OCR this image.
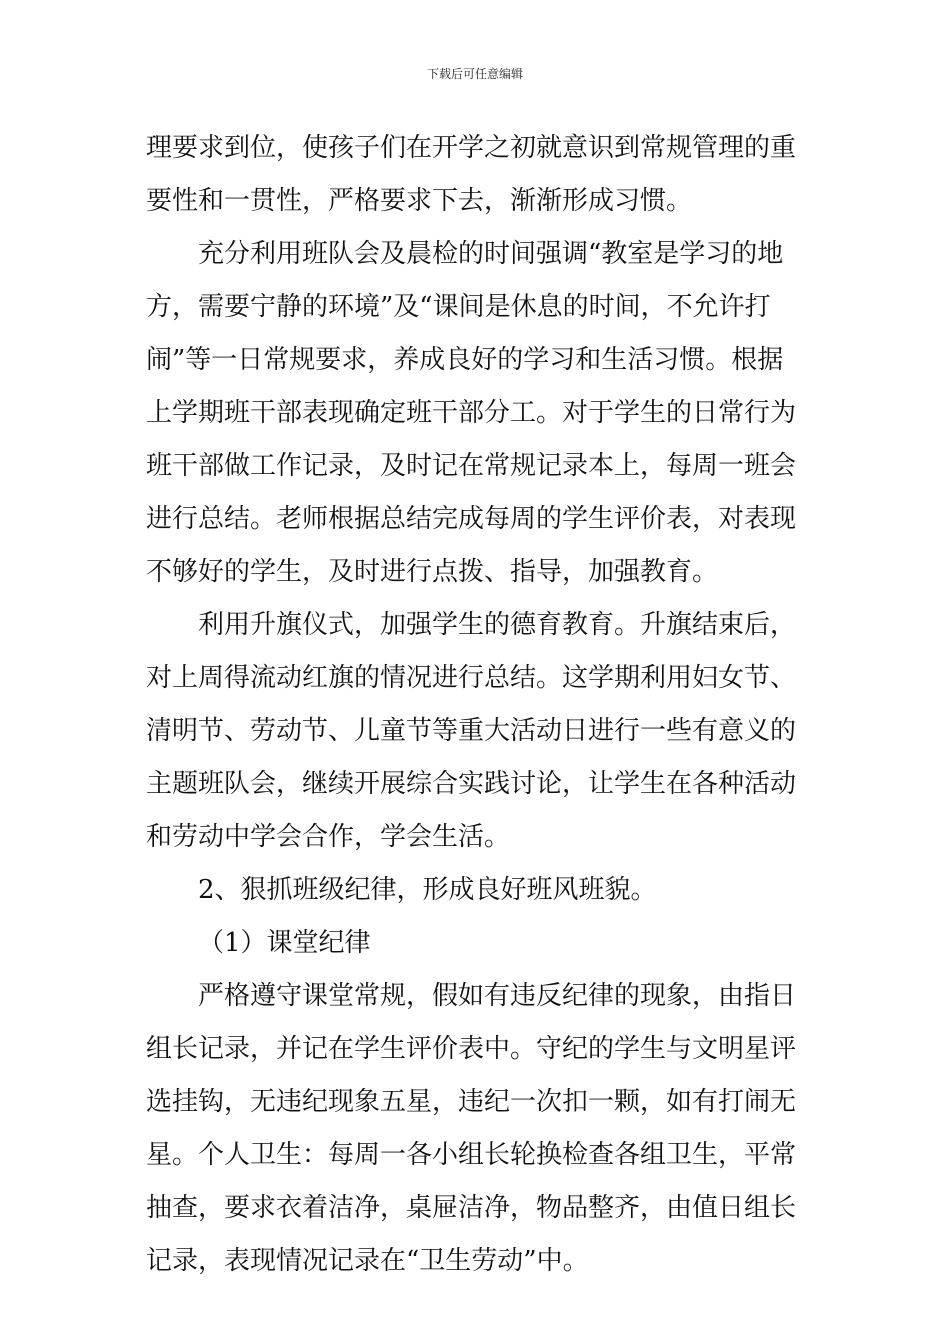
下载后可任意编辑
理要求到位，使孩子们在开学之初就意识到常规管理的重
要性和一贯性，严格要求下去，渐渐形成习惯。
充分利用班队会及晨检的时间强调“教室是学习的地
方，需要宁静的环境”及“课间是休息的时间，不允许打
闹”等一日常规要求，养成良好的学习和生活习惯。根据
上学期班干部表现确定班干部分工。对于学生的日常行为
班干部做工作记录，及时记在常规记录本上，每周一班会
进行总结。老师根据总结完成每周的学生评价表，对表现
不够好的学生，及时进行点拨、指导，加强教育。
利用升旗仪式，加强学生的德育教育。升旗结束后，
对上周得流动红旗的情况进行总结。这学期利用妇女节、
清明节、劳动节、儿童节等重大活动日进行一些有意义的
主题班队会，继续开展综合实践讨论，让学生在各种活动
和劳动中学会合作，学会生活。
2、狠抓班级纪律，形成良好班风班貌。
（1）课堂纪律
严格遵守课堂常规，假如有违反纪律的现象，由指日
组长记录，并记在学生评价表中。守纪的学生与文明星评
选挂钩，无违纪现象五星，违纪一次扣一颗，如有打闹无
星。个人卫生：每周一各小组长轮换检查各组卫生，平常
抽查，要求衣着洁净，桌屉洁净，物品整齐，由值日组长
记录，表现情况记录在“卫生劳动”中。
